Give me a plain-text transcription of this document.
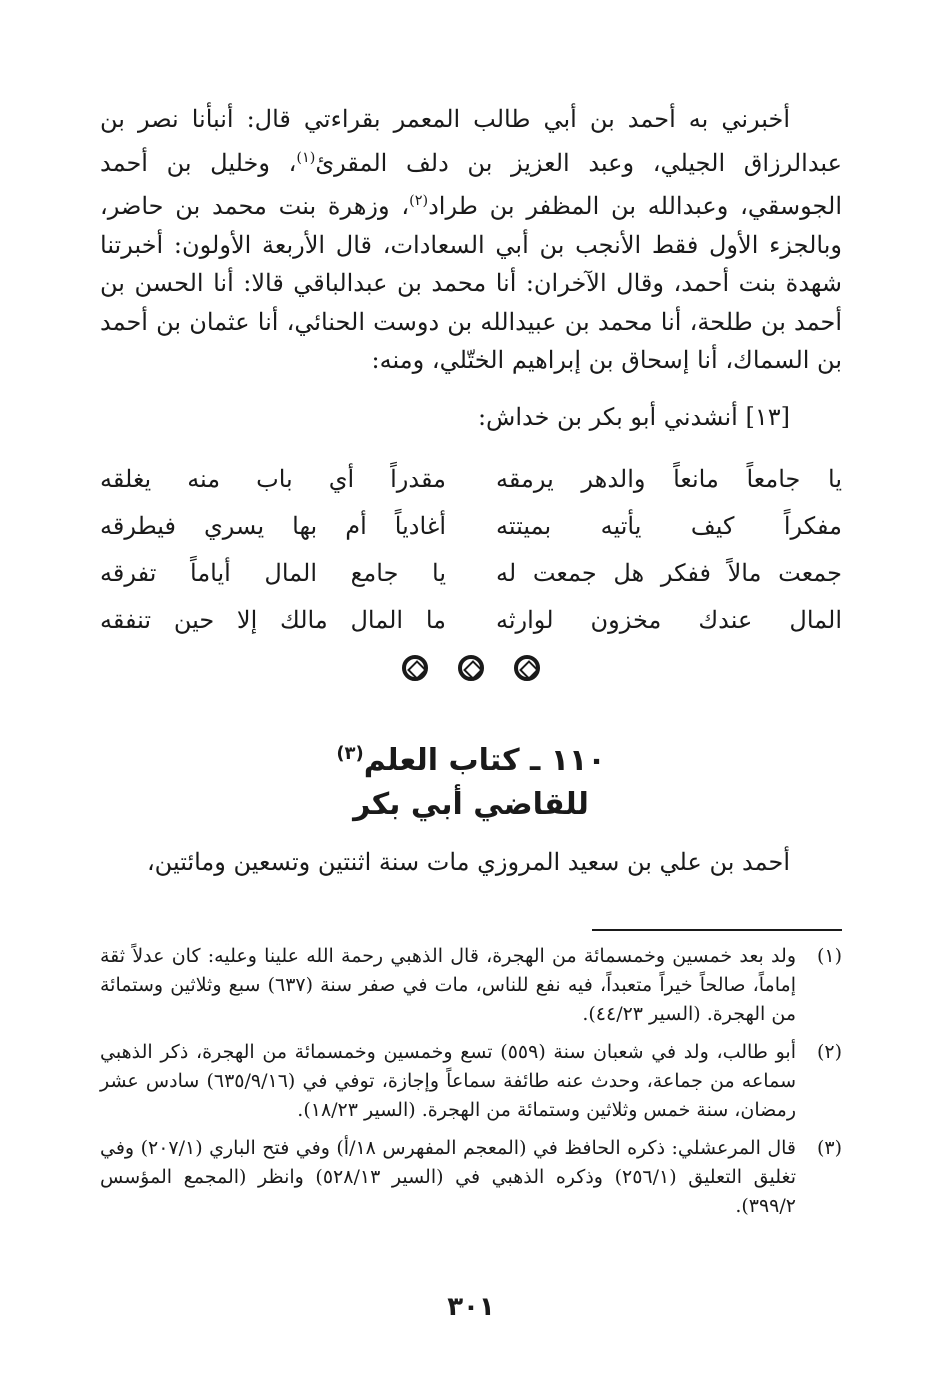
أخبرني به أحمد بن أبي طالب المعمر بقراءتي قال: أنبأنا نصر بن عبدالرزاق الجيلي، وعبد العزيز بن دلف المقرئ$^{(١)}$، وخليل بن أحمد الجوسقي، وعبدالله بن المظفر بن طراد$^{(٢)}$، وزهرة بنت محمد بن حاضر، وبالجزء الأول فقط الأنجب بن أبي السعادات، قال الأربعة الأولون: أخبرتنا شهدة بنت أحمد، وقال الآخران: أنا محمد بن عبدالباقي قالا: أنا الحسن بن أحمد بن طلحة، أنا محمد بن عبيدالله بن دوست الحنائي، أنا عثمان بن أحمد بن السماك، أنا إسحاق بن إبراهيم الختّلي، ومنه:

[١٣] أنشدني أبو بكر بن خداش:

يا جامعاً مانعاً والدهر يرمقه
مقدراً أي باب منه يغلقه
مفكراً كيف يأتيه بميتته
أغادياً أم بها يسري فيطرقه
جمعت مالاً ففكر هل جمعت له
يا جامع المال أياماً تفرقه
المال عندك مخزون لوارثه
ما المال مالك إلا حين تنفقه
١١٠ ـ كتاب العلم$^{(٣)}$
للقاضي أبي بكر

أحمد بن علي بن سعيد المروزي مات سنة اثنتين وتسعين ومائتين،

(١)
ولد بعد خمسين وخمسمائة من الهجرة، قال الذهبي رحمة الله علينا وعليه: كان عدلاً ثقة إماماً، صالحاً خيراً متعبداً، فيه نفع للناس، مات في صفر سنة (٦٣٧) سبع وثلاثين وستمائة من الهجرة. (السير ٤٤/٢٣).
(٢)
أبو طالب، ولد في شعبان سنة (٥٥٩) تسع وخمسين وخمسمائة من الهجرة، ذكر الذهبي سماعه من جماعة، وحدث عنه طائفة سماعاً وإجازة، توفي في (٦٣٥/٩/١٦) سادس عشر رمضان، سنة خمس وثلاثين وستمائة من الهجرة. (السير ١٨/٢٣).
(٣)
قال المرعشلي: ذكره الحافظ في (المعجم المفهرس ١٨/أ) وفي فتح الباري (٢٠٧/١) وفي تغليق التعليق (٢٥٦/١) وذكره الذهبي في (السير ٥٢٨/١٣) وانظر (المجمع المؤسس ٣٩٩/٢).
٣٠١
